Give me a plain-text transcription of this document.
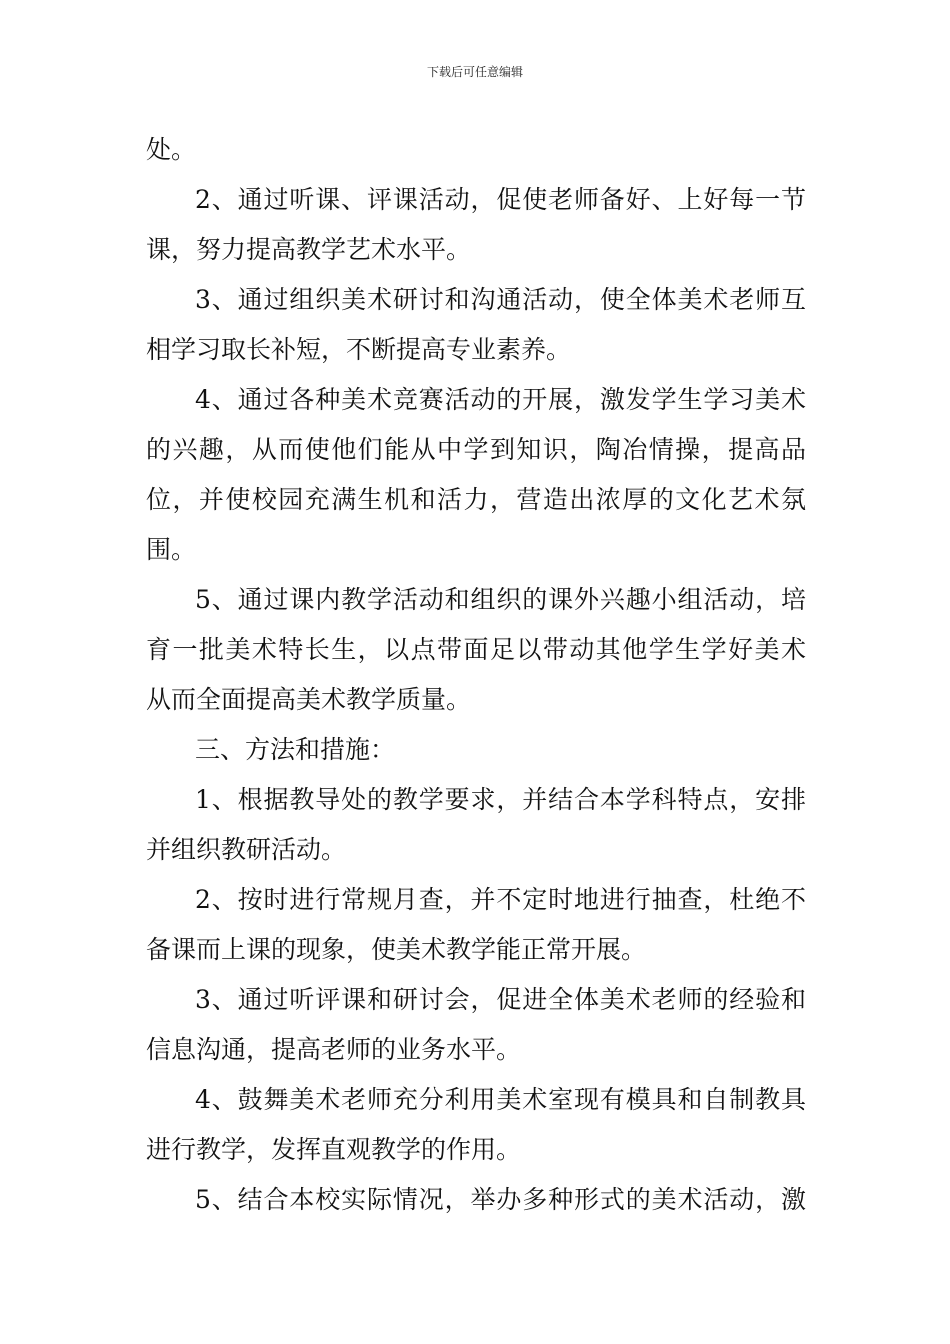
下载后可任意编辑
处。
2、通过听课、评课活动，促使老师备好、上好每一节
课，努力提高教学艺术水平。
3、通过组织美术研讨和沟通活动，使全体美术老师互
相学习取长补短，不断提高专业素养。
4、通过各种美术竞赛活动的开展，激发学生学习美术
的兴趣，从而使他们能从中学到知识，陶冶情操，提高品
位，并使校园充满生机和活力，营造出浓厚的文化艺术氛
围。
5、通过课内教学活动和组织的课外兴趣小组活动，培
育一批美术特长生，以点带面足以带动其他学生学好美术
从而全面提高美术教学质量。
三、方法和措施：
1、根据教导处的教学要求，并结合本学科特点，安排
并组织教研活动。
2、按时进行常规月查，并不定时地进行抽查，杜绝不
备课而上课的现象，使美术教学能正常开展。
3、通过听评课和研讨会，促进全体美术老师的经验和
信息沟通，提高老师的业务水平。
4、鼓舞美术老师充分利用美术室现有模具和自制教具
进行教学，发挥直观教学的作用。
5、结合本校实际情况，举办多种形式的美术活动，激
